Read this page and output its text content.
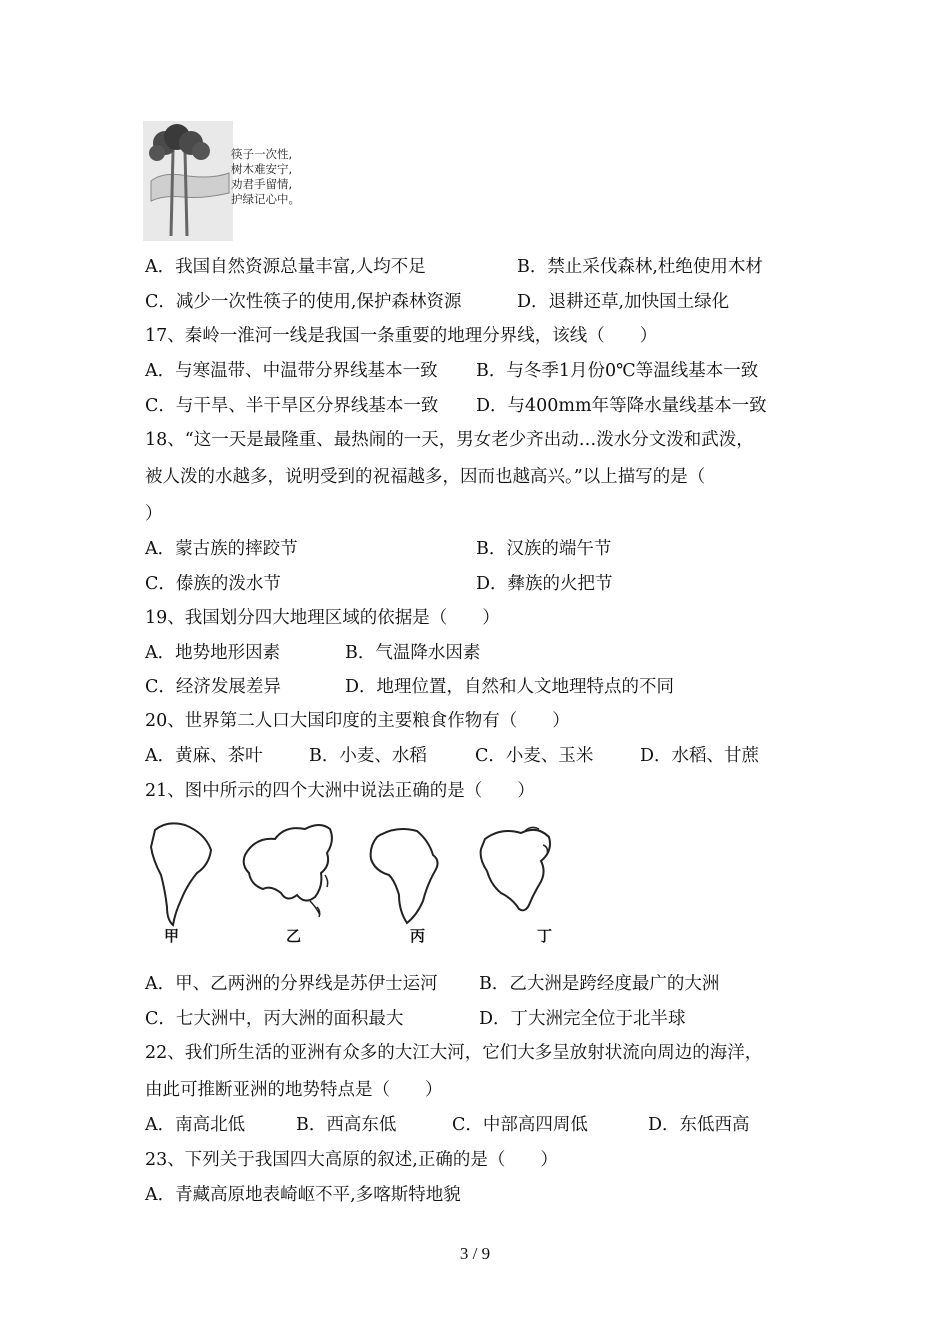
筷子一次性,
树木难安宁,
劝君手留情,
护绿记心中。
A．我国自然资源总量丰富,人均不足	B．禁止采伐森林,杜绝使用木材
C．减少一次性筷子的使用,保护森林资源	D．退耕还草,加快国土绿化
17、秦岭一淮河一线是我国一条重要的地理分界线，该线（　　）
A．与寒温带、中温带分界线基本一致 B．与冬季1月份0℃等温线基本一致
C．与干旱、半干旱区分界线基本一致 D．与400mm年等降水量线基本一致
18、“这一天是最隆重、最热闹的一天，男女老少齐出动…泼水分文泼和武泼，
被人泼的水越多，说明受到的祝福越多，因而也越高兴。”以上描写的是（
）
A．蒙古族的摔跤节	B．汉族的端午节
C．傣族的泼水节	D．彝族的火把节
19、我国划分四大地理区域的依据是（　　）
A．地势地形因素	B．气温降水因素
C．经济发展差异	D．地理位置，自然和人文地理特点的不同
20、世界第二人口大国印度的主要粮食作物有（　　）
A．黄麻、茶叶	B．小麦、水稻	C．小麦、玉米	D．水稻、甘蔗
21、图中所示的四个大洲中说法正确的是（　　）
甲	乙	丙	丁
A．甲、乙两洲的分界线是苏伊士运河 B．乙大洲是跨经度最广的大洲
C．七大洲中，丙大洲的面积最大	D．丁大洲完全位于北半球
22、我们所生活的亚洲有众多的大江大河，它们大多呈放射状流向周边的海洋，
由此可推断亚洲的地势特点是（　　）
A．南高北低	B．西高东低	C．中部高四周低	D．东低西高
23、下列关于我国四大高原的叙述,正确的是（　　）
A．青藏高原地表崎岖不平,多喀斯特地貌
3 / 9
